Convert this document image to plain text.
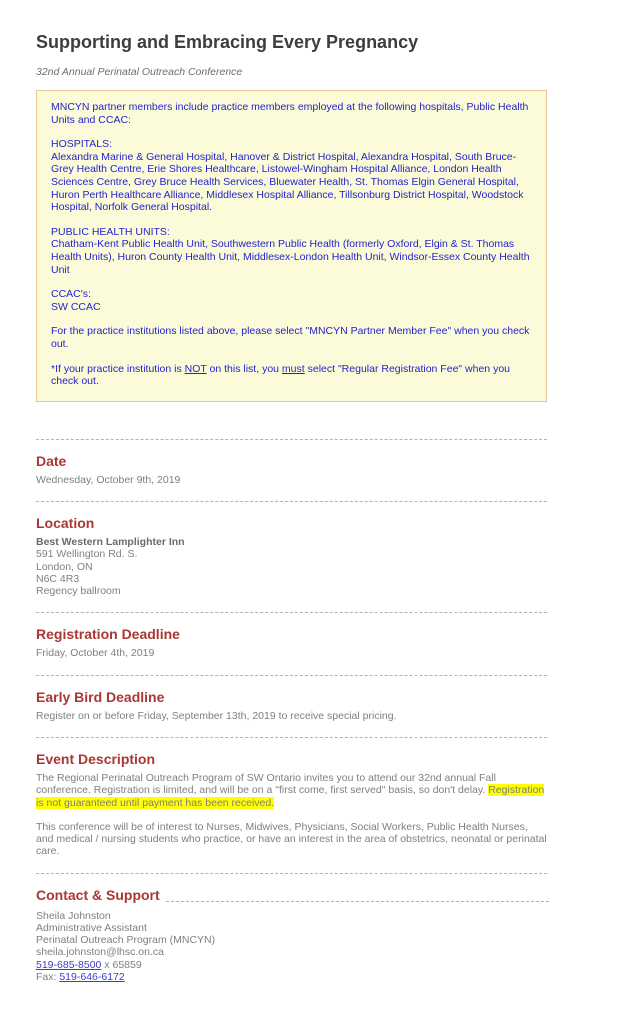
Supporting and Embracing Every Pregnancy
32nd Annual Perinatal Outreach Conference

MNCYN partner members include practice members employed at the following hospitals, Public Health Units and CCAC:

HOSPITALS:
Alexandra Marine & General Hospital, Hanover & District Hospital, Alexandra Hospital, South Bruce-Grey Health Centre, Erie Shores Healthcare, Listowel-Wingham Hospital Alliance, London Health Sciences Centre, Grey Bruce Health Services, Bluewater Health, St. Thomas Elgin General Hospital, Huron Perth Healthcare Alliance, Middlesex Hospital Alliance, Tillsonburg District Hospital, Woodstock Hospital, Norfolk General Hospital.

PUBLIC HEALTH UNITS:
Chatham-Kent Public Health Unit, Southwestern Public Health (formerly Oxford, Elgin & St. Thomas Health Units), Huron County Health Unit, Middlesex-London Health Unit, Windsor-Essex County Health Unit

CCAC's:
SW CCAC

For the practice institutions listed above, please select "MNCYN Partner Member Fee" when you check out.

*If your practice institution is NOT on this list, you must select "Regular Registration Fee" when you check out.

Date
Wednesday, October 9th, 2019
Location
Best Western Lamplighter Inn
591 Wellington Rd. S.
London, ON
N6C 4R3
Regency ballroom
Registration Deadline
Friday, October 4th, 2019
Early Bird Deadline
Register on or before Friday, September 13th, 2019 to receive special pricing.
Event Description

The Regional Perinatal Outreach Program of SW Ontario invites you to attend our 32nd annual Fall conference. Registration is limited, and will be on a "first come, first served" basis, so don't delay. Registration is not guaranteed until payment has been received.

This conference will be of interest to Nurses, Midwives, Physicians, Social Workers, Public Health Nurses, and medical / nursing students who practice, or have an interest in the area of obstetrics, neonatal or perinatal care.

Contact & Support
Sheila Johnston
Administrative Assistant
Perinatal Outreach Program (MNCYN)
sheila.johnston@lhsc.on.ca
519-685-8500 x 65859
Fax: 519-646-6172
